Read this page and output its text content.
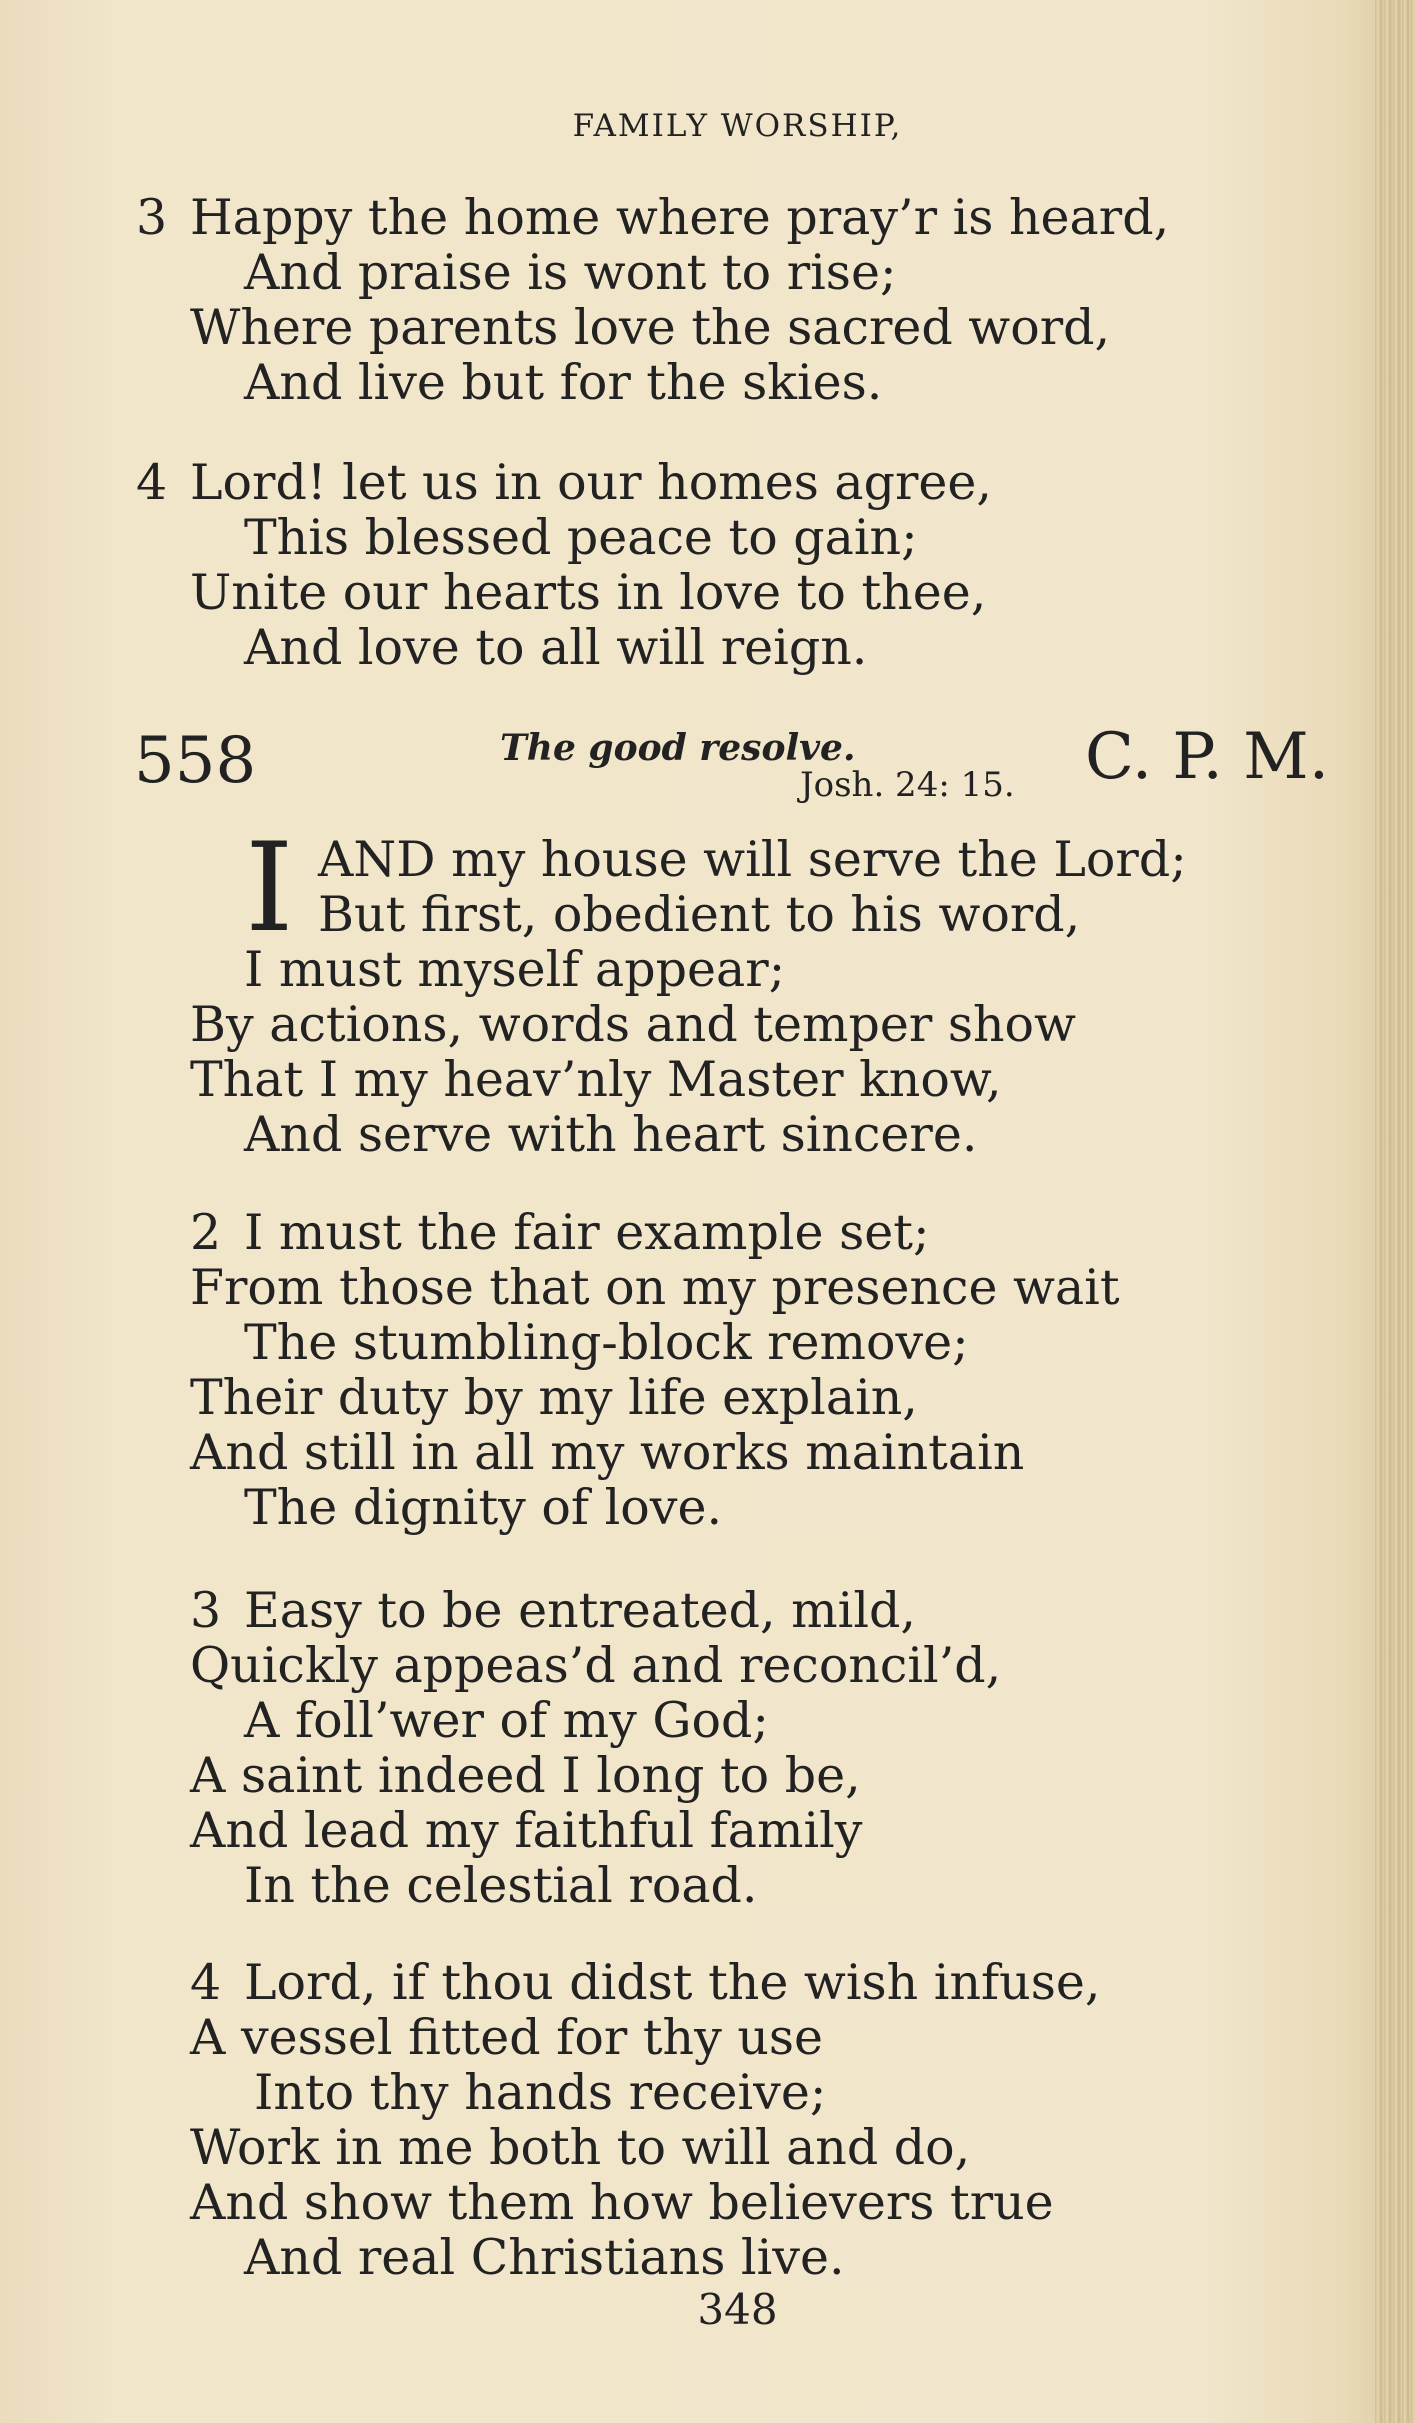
FAMILY WORSHIP,
3 Happy the home where pray’r is heard,
And praise is wont to rise;
Where parents love the sacred word,
And live but for the skies.
4 Lord! let us in our homes agree,
This blessed peace to gain;
Unite our hearts in love to thee,
And love to all will reign.
558	The good resolve.
Josh. 24: 15. C. P. M.
I AND my house will serve the Lord;
But first, obedient to his word,
I must myself appear;
By actions, words and temper show
That I my heav’nly Master know,
And serve with heart sincere.
2 I must the fair example set;
From those that on my presence wait
The stumbling-block remove;
Their duty by my life explain,
And still in all my works maintain
The dignity of love.
3 Easy to be entreated, mild,
Quickly appeas’d and reconcil’d,
A foll’wer of my God;
A saint indeed I long to be,
And lead my faithful family
In the celestial road.
4 Lord, if thou didst the wish infuse,
A vessel fitted for thy use
Into thy hands receive;
Work in me both to will and do,
And show them how believers true
And real Christians live.
348
